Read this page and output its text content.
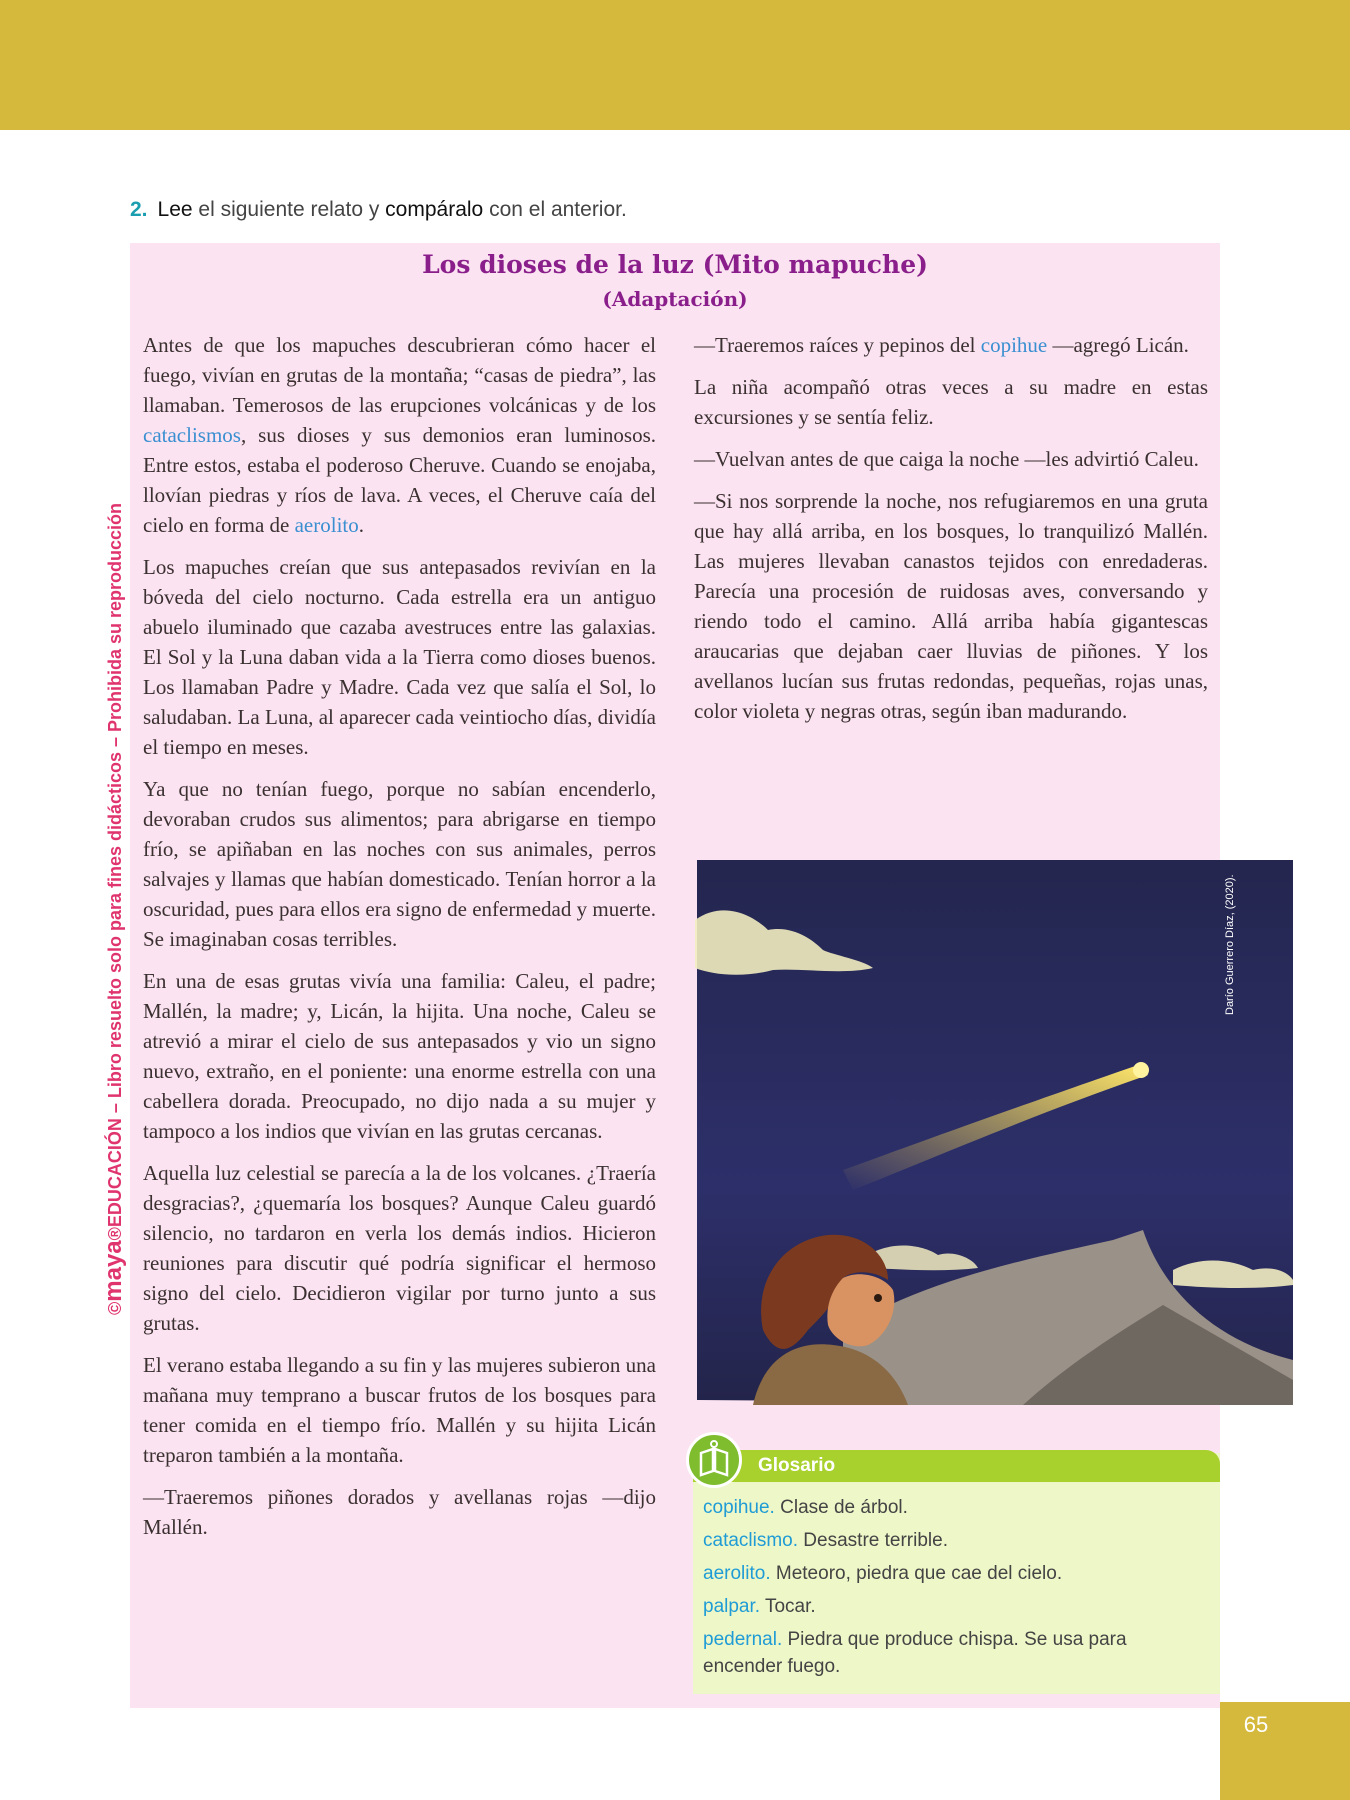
2. Lee el siguiente relato y compáralo con el anterior.
Los dioses de la luz (Mito mapuche)
(Adaptación)

Antes de que los mapuches descubrieran cómo hacer el fuego, vivían en grutas de la montaña; “casas de piedra”, las llamaban. Temerosos de las erupciones volcánicas y de los cataclismos, sus dioses y sus demonios eran luminosos. Entre estos, estaba el poderoso Cheruve. Cuando se enojaba, llovían piedras y ríos de lava. A veces, el Cheruve caía del cielo en forma de aerolito.

Los mapuches creían que sus antepasados revivían en la bóveda del cielo nocturno. Cada estrella era un antiguo abuelo iluminado que cazaba avestruces entre las galaxias. El Sol y la Luna daban vida a la Tierra como dioses buenos. Los llamaban Padre y Madre. Cada vez que salía el Sol, lo saludaban. La Luna, al aparecer cada veintiocho días, dividía el tiempo en meses.

Ya que no tenían fuego, porque no sabían encenderlo, devoraban crudos sus alimentos; para abrigarse en tiempo frío, se apiñaban en las noches con sus animales, perros salvajes y llamas que habían domesticado. Tenían horror a la oscuridad, pues para ellos era signo de enfermedad y muerte. Se imaginaban cosas terribles.

En una de esas grutas vivía una familia: Caleu, el padre; Mallén, la madre; y, Licán, la hijita. Una noche, Caleu se atrevió a mirar el cielo de sus antepasados y vio un signo nuevo, extraño, en el poniente: una enorme estrella con una cabellera dorada. Preocupado, no dijo nada a su mujer y tampoco a los indios que vivían en las grutas cercanas.

Aquella luz celestial se parecía a la de los volcanes. ¿Traería desgracias?, ¿quemaría los bosques? Aunque Caleu guardó silencio, no tardaron en verla los demás indios. Hicieron reuniones para discutir qué podría significar el hermoso signo del cielo. Decidieron vigilar por turno junto a sus grutas.

El verano estaba llegando a su fin y las mujeres subieron una mañana muy temprano a buscar frutos de los bosques para tener comida en el tiempo frío. Mallén y su hijita Licán treparon también a la montaña.

—Traeremos piñones dorados y avellanas rojas —dijo Mallén.

—Traeremos raíces y pepinos del copihue —agregó Licán.

La niña acompañó otras veces a su madre en estas excursiones y se sentía feliz.

—Vuelvan antes de que caiga la noche —les advirtió Caleu.

—Si nos sorprende la noche, nos refugiaremos en una gruta que hay allá arriba, en los bosques, lo tranquilizó Mallén. Las mujeres llevaban canastos tejidos con enredaderas. Parecía una procesión de ruidosas aves, conversando y riendo todo el camino. Allá arriba había gigantescas araucarias que dejaban caer lluvias de piñones. Y los avellanos lucían sus frutas redondas, pequeñas, rojas unas, color violeta y negras otras, según iban madurando.

Darío Guerrero Díaz, (2020).
©maya®EDUCACIÓN – Libro resuelto solo para fines didácticos – Prohibida su reproducción
Glosario
copihue. Clase de árbol.
cataclismo. Desastre terrible.
aerolito. Meteoro, piedra que cae del cielo.
palpar. Tocar.
pedernal. Piedra que produce chispa. Se usa para encender fuego.
65
